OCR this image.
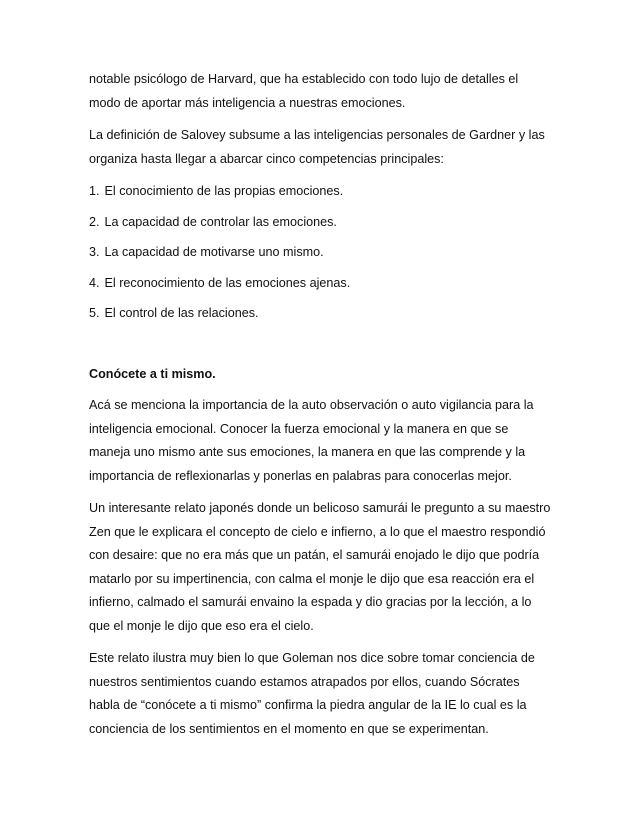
notable psicólogo de Harvard, que ha establecido con todo lujo de detalles el modo de aportar más inteligencia a nuestras emociones.

La definición de Salovey subsume a las inteligencias personales de Gardner y las organiza hasta llegar a abarcar cinco competencias principales:

1. El conocimiento de las propias emociones.

2. La capacidad de controlar las emociones.

3. La capacidad de motivarse uno mismo.

4. El reconocimiento de las emociones ajenas.

5. El control de las relaciones.

Conócete a ti mismo.

Acá se menciona la importancia de la auto observación o auto vigilancia para la inteligencia emocional. Conocer la fuerza emocional y la manera en que se maneja uno mismo ante sus emociones, la manera en que las comprende y la importancia de reflexionarlas y ponerlas en palabras para conocerlas mejor.

Un interesante relato japonés donde un belicoso samurái le pregunto a su maestro Zen que le explicara el concepto de cielo e infierno, a lo que el maestro respondió con desaire: que no era más que un patán, el samurái enojado le dijo que podría matarlo por su impertinencia, con calma el monje le dijo que esa reacción era el infierno, calmado el samurái envaino la espada y dio gracias por la lección, a lo que el monje le dijo que eso era el cielo.

Este relato ilustra muy bien lo que Goleman nos dice sobre tomar conciencia de nuestros sentimientos cuando estamos atrapados por ellos, cuando Sócrates habla de “conócete a ti mismo” confirma la piedra angular de la IE lo cual es la conciencia de los sentimientos en el momento en que se experimentan.
